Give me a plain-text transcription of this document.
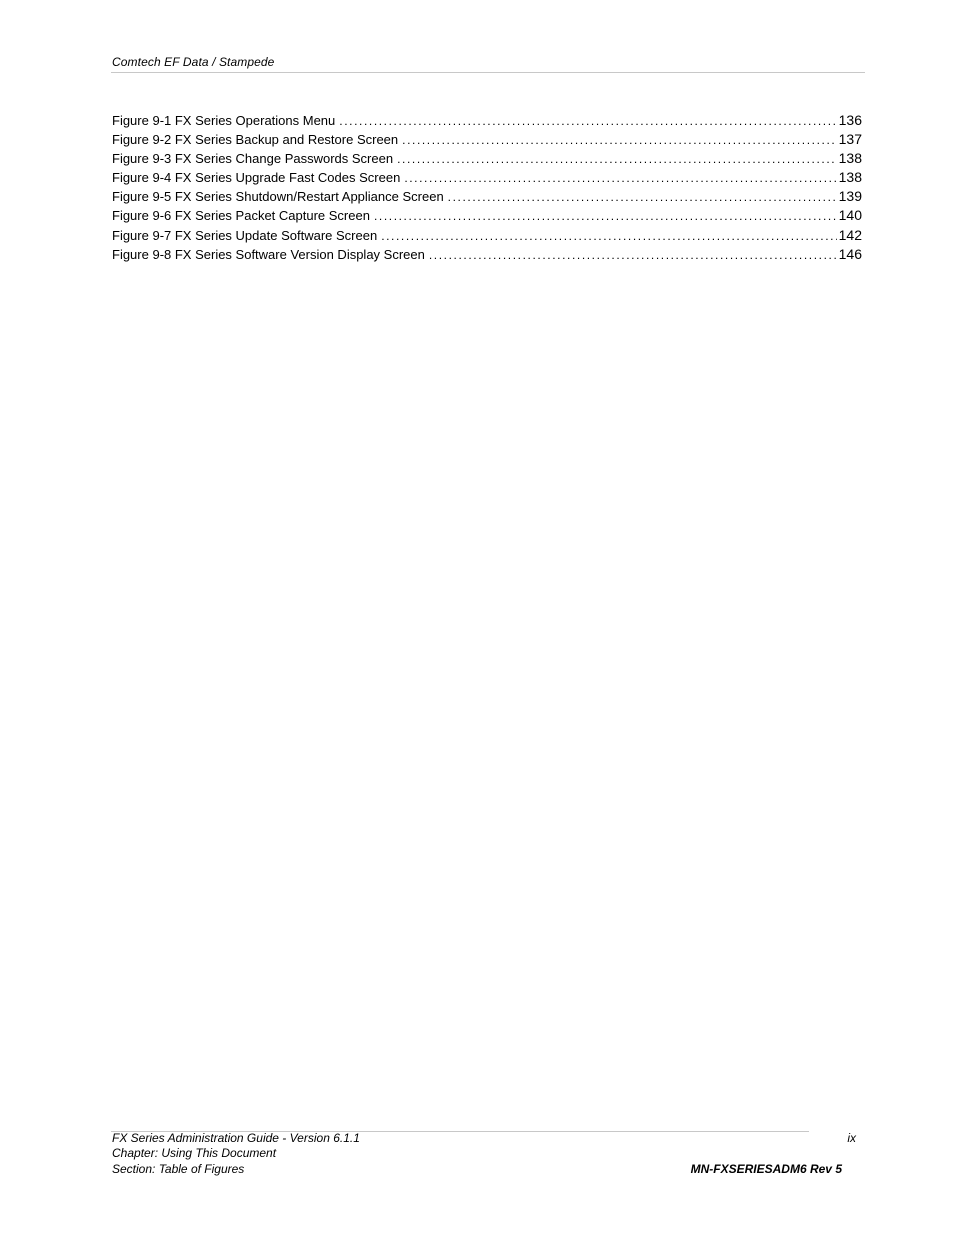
Comtech EF Data / Stampede
Figure 9-1 FX Series Operations Menu .....	136
Figure 9-2 FX Series Backup and Restore Screen .....	137
Figure 9-3 FX Series Change Passwords Screen .....	138
Figure 9-4 FX Series Upgrade Fast Codes Screen .....	138
Figure 9-5 FX Series Shutdown/Restart Appliance Screen .....	139
Figure 9-6 FX Series Packet Capture Screen .....	140
Figure 9-7 FX Series Update Software Screen .....	142
Figure 9-8 FX Series Software Version Display Screen .....	146
FX Series Administration Guide - Version 6.1.1
Chapter: Using This Document
Section: Table of Figures
ix
MN-FXSERIESADM6 Rev 5
